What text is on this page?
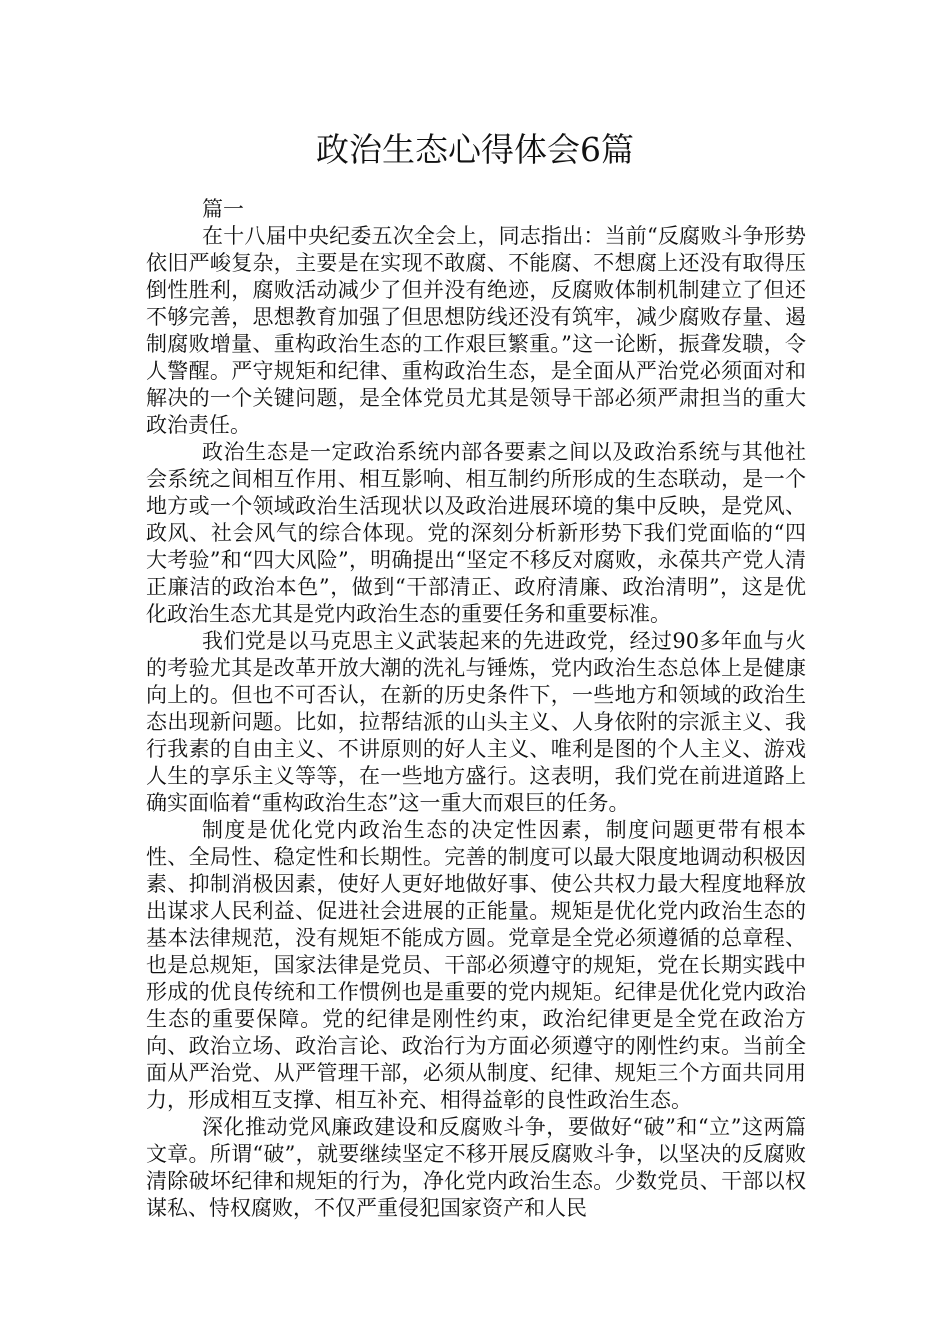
政治生态心得体会6篇

篇一

在十八届中央纪委五次全会上，同志指出：当前“反腐败斗争形势依旧严峻复杂，主要是在实现不敢腐、不能腐、不想腐上还没有取得压倒性胜利，腐败活动减少了但并没有绝迹，反腐败体制机制建立了但还不够完善，思想教育加强了但思想防线还没有筑牢，减少腐败存量、遏制腐败增量、重构政治生态的工作艰巨繁重。”这一论断，振聋发聩，令人警醒。严守规矩和纪律、重构政治生态，是全面从严治党必须面对和解决的一个关键问题，是全体党员尤其是领导干部必须严肃担当的重大政治责任。

政治生态是一定政治系统内部各要素之间以及政治系统与其他社会系统之间相互作用、相互影响、相互制约所形成的生态联动，是一个地方或一个领域政治生活现状以及政治进展环境的集中反映，是党风、政风、社会风气的综合体现。党的深刻分析新形势下我们党面临的“四大考验”和“四大风险”，明确提出“坚定不移反对腐败，永葆共产党人清正廉洁的政治本色”，做到“干部清正、政府清廉、政治清明”，这是优化政治生态尤其是党内政治生态的重要任务和重要标准。

我们党是以马克思主义武装起来的先进政党，经过90多年血与火的考验尤其是改革开放大潮的洗礼与锤炼，党内政治生态总体上是健康向上的。但也不可否认，在新的历史条件下，一些地方和领域的政治生态出现新问题。比如，拉帮结派的山头主义、人身依附的宗派主义、我行我素的自由主义、不讲原则的好人主义、唯利是图的个人主义、游戏人生的享乐主义等等，在一些地方盛行。这表明，我们党在前进道路上确实面临着“重构政治生态”这一重大而艰巨的任务。

制度是优化党内政治生态的决定性因素，制度问题更带有根本性、全局性、稳定性和长期性。完善的制度可以最大限度地调动积极因素、抑制消极因素，使好人更好地做好事、使公共权力最大程度地释放出谋求人民利益、促进社会进展的正能量。规矩是优化党内政治生态的基本法律规范，没有规矩不能成方圆。党章是全党必须遵循的总章程、也是总规矩，国家法律是党员、干部必须遵守的规矩，党在长期实践中形成的优良传统和工作惯例也是重要的党内规矩。纪律是优化党内政治生态的重要保障。党的纪律是刚性约束，政治纪律更是全党在政治方向、政治立场、政治言论、政治行为方面必须遵守的刚性约束。当前全面从严治党、从严管理干部，必须从制度、纪律、规矩三个方面共同用力，形成相互支撑、相互补充、相得益彰的良性政治生态。

深化推动党风廉政建设和反腐败斗争，要做好“破”和“立”这两篇文章。所谓“破”，就要继续坚定不移开展反腐败斗争，以坚决的反腐败清除破坏纪律和规矩的行为，净化党内政治生态。少数党员、干部以权谋私、恃权腐败，不仅严重侵犯国家资产和人民
